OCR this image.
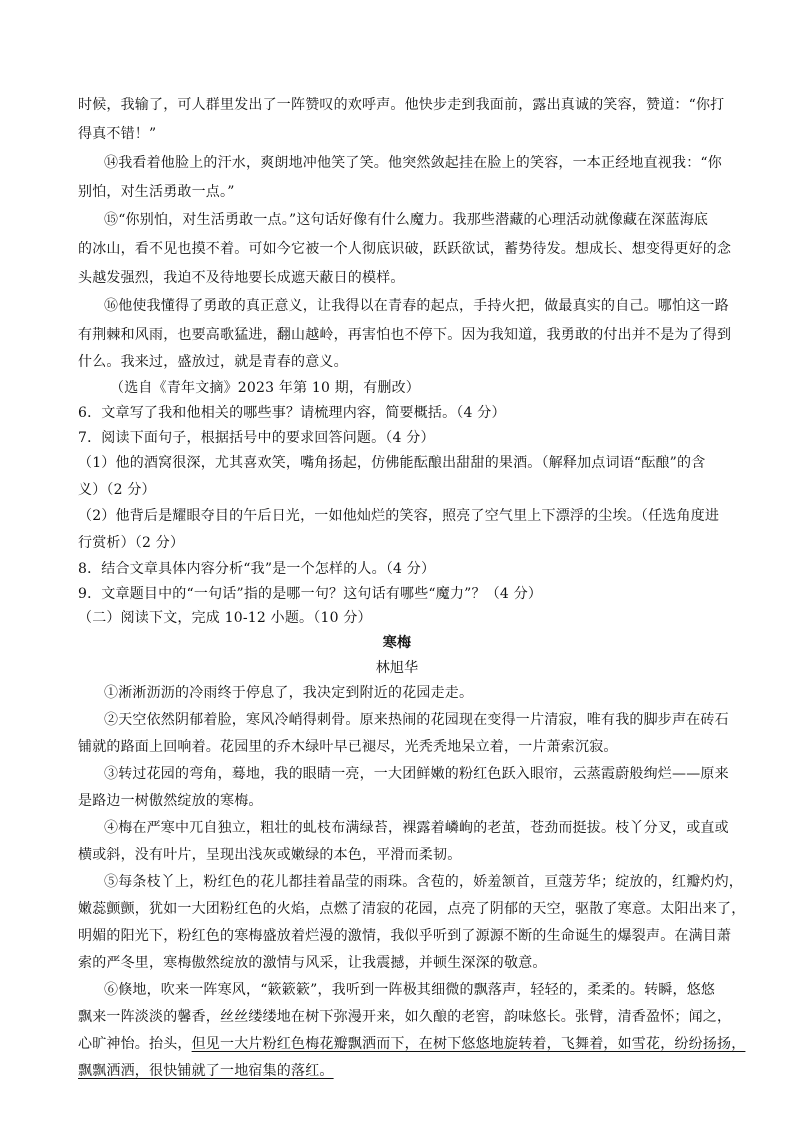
时候，我输了，可人群里发出了一阵赞叹的欢呼声。他快步走到我面前，露出真诚的笑容，赞道：“你打
得真不错！”
⑭我看着他脸上的汗水，爽朗地冲他笑了笑。他突然敛起挂在脸上的笑容，一本正经地直视我：“你
别怕，对生活勇敢一点。”
⑮“你别怕，对生活勇敢一点。”这句话好像有什么魔力。我那些潜藏的心理活动就像藏在深蓝海底
的冰山，看不见也摸不着。可如今它被一个人彻底识破，跃跃欲试，蓄势待发。想成长、想变得更好的念
头越发强烈，我迫不及待地要长成遮天蔽日的模样。
⑯他使我懂得了勇敢的真正意义，让我得以在青春的起点，手持火把，做最真实的自己。哪怕这一路
有荆棘和风雨，也要高歌猛进，翻山越岭，再害怕也不停下。因为我知道，我勇敢的付出并不是为了得到
什么。我来过，盛放过，就是青春的意义。
（选自《青年文摘》2023 年第 10 期，有删改）
6．文章写了我和他相关的哪些事？请梳理内容，简要概括。（4 分）
7．阅读下面句子，根据括号中的要求回答问题。（4 分）
（1）他的酒窝很深，尤其喜欢笑，嘴角扬起，仿佛能酝酿出甜甜的果酒。（解释加点词语“酝酿”的含
义）（2 分）
（2）他背后是耀眼夺目的午后日光，一如他灿烂的笑容，照亮了空气里上下漂浮的尘埃。（任选角度进
行赏析）（2 分）
8．结合文章具体内容分析“我”是一个怎样的人。（4 分）
9．文章题目中的“一句话”指的是哪一句？这句话有哪些“魔力”？（4 分）
（二）阅读下文，完成 10-12 小题。（10 分）
寒梅
林旭华
①淅淅沥沥的冷雨终于停息了，我决定到附近的花园走走。
②天空依然阴郁着脸，寒风冷峭得刺骨。原来热闹的花园现在变得一片清寂，唯有我的脚步声在砖石
铺就的路面上回响着。花园里的乔木绿叶早已褪尽，光秃秃地呆立着，一片萧索沉寂。
③转过花园的弯角，蓦地，我的眼睛一亮，一大团鲜嫩的粉红色跃入眼帘，云蒸霞蔚般绚烂——原来
是路边一树傲然绽放的寒梅。
④梅在严寒中兀自独立，粗壮的虬枝布满绿苔，裸露着嶙峋的老茧，苍劲而挺拔。枝丫分叉，或直或
横或斜，没有叶片，呈现出浅灰或嫩绿的本色，平滑而柔韧。
⑤每条枝丫上，粉红色的花儿都挂着晶莹的雨珠。含苞的，娇羞颔首，亘蔻芳华；绽放的，红瓣灼灼，
嫩蕊颤颤，犹如一大团粉红色的火焰，点燃了清寂的花园，点亮了阴郁的天空，驱散了寒意。太阳出来了，
明媚的阳光下，粉红色的寒梅盛放着烂漫的激情，我似乎听到了源源不断的生命诞生的爆裂声。在满目萧
索的严冬里，寒梅傲然绽放的激情与风采，让我震撼，并顿生深深的敬意。
⑥倏地，吹来一阵寒风，“簌簌簌”，我听到一阵极其细微的飘落声，轻轻的，柔柔的。转瞬，悠悠
飘来一阵淡淡的馨香，丝丝缕缕地在树下弥漫开来，如久酿的老窖，韵味悠长。张臂，清香盈怀；闻之，
心旷神怡。抬头，但见一大片粉红色梅花瓣飘洒而下，在树下悠悠地旋转着，飞舞着，如雪花，纷纷扬扬，
飘飘洒洒，很快铺就了一地宿集的落红。
